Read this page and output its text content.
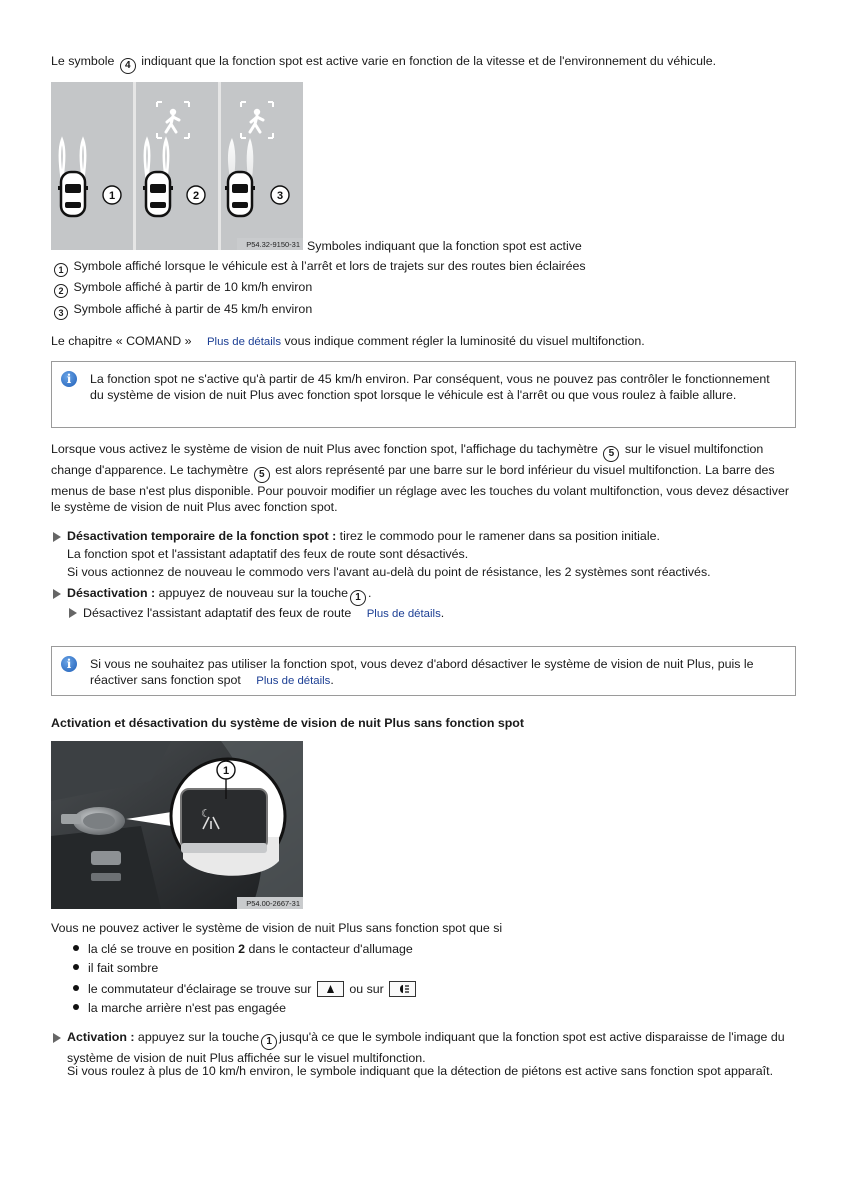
Le symbole 4 indiquant que la fonction spot est active varie en fonction de la vitesse et de l'environnement du véhicule.
1	2	3
P54.32-9150-31 Symboles indiquant que la fonction spot est active
1 Symbole affiché lorsque le véhicule est à l’arrêt et lors de trajets sur des routes bien éclairées
2 Symbole affiché à partir de 10 km/h environ
3 Symbole affiché à partir de 45 km/h environ
Le chapitre « COMAND » Plus de détails vous indique comment régler la luminosité du visuel multifonction.
i	La fonction spot ne s'active qu'à partir de 45 km/h environ. Par conséquent, vous ne pouvez pas contrôler le fonctionnement du système de vision de nuit Plus avec fonction spot lorsque le véhicule est à l'arrêt ou que vous roulez à faible allure.
Lorsque vous activez le système de vision de nuit Plus avec fonction spot, l'affichage du tachymètre 5 sur le visuel multifonction change d'apparence. Le tachymètre 5 est alors représenté par une barre sur le bord inférieur du visuel multifonction. La barre des menus de base n'est plus disponible. Pour pouvoir modifier un réglage avec les touches du volant multifonction, vous devez désactiver le système de vision de nuit Plus avec fonction spot.
Désactivation temporaire de la fonction spot : tirez le commodo pour le ramener dans sa position initiale.
La fonction spot et l'assistant adaptatif des feux de route sont désactivés.
Si vous actionnez de nouveau le commodo vers l'avant au-delà du point de résistance, les 2 systèmes sont réactivés.
Désactivation : appuyez de nouveau sur la touche 1 .
Désactivez l'assistant adaptatif des feux de route Plus de détails.
i	Si vous ne souhaitez pas utiliser la fonction spot, vous devez d'abord désactiver le système de vision de nuit Plus, puis le réactiver sans fonction spot Plus de détails.
Activation et désactivation du système de vision de nuit Plus sans fonction spot
☾
1
P54.00-2667-31
Vous ne pouvez activer le système de vision de nuit Plus sans fonction spot que si
la clé se trouve en position 2 dans le contacteur d'allumage
il fait sombre
le commutateur d'éclairage se trouve sur	ou sur
la marche arrière n'est pas engagée
Activation : appuyez sur la touche 1 jusqu'à ce que le symbole indiquant que la fonction spot est active disparaisse de l'image du système de vision de nuit Plus affichée sur le visuel multifonction.
Si vous roulez à plus de 10 km/h environ, le symbole indiquant que la détection de piétons est active sans fonction spot apparaît.
